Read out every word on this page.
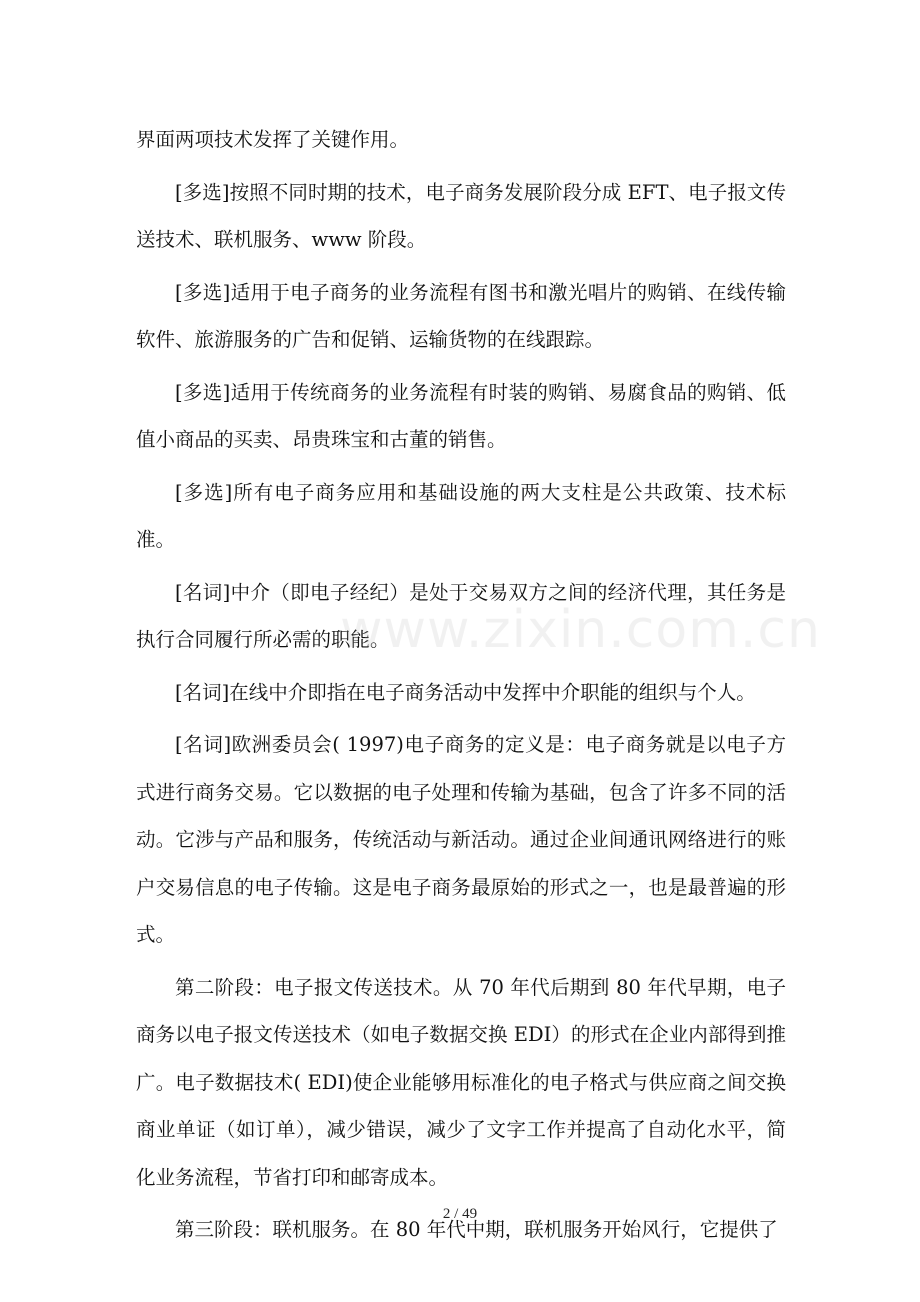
界面两项技术发挥了关键作用。

[多选]按照不同时期的技术，电子商务发展阶段分成 EFT、电子报文传送技术、联机服务、www 阶段。

[多选]适用于电子商务的业务流程有图书和激光唱片的购销、在线传输软件、旅游服务的广告和促销、运输货物的在线跟踪。

[多选]适用于传统商务的业务流程有时装的购销、易腐食品的购销、低值小商品的买卖、昂贵珠宝和古董的销售。

[多选]所有电子商务应用和基础设施的两大支柱是公共政策、技术标准。

[名词]中介（即电子经纪）是处于交易双方之间的经济代理，其任务是执行合同履行所必需的职能。

[名词]在线中介即指在电子商务活动中发挥中介职能的组织与个人。

[名词]欧洲委员会( 1997)电子商务的定义是：电子商务就是以电子方式进行商务交易。它以数据的电子处理和传输为基础，包含了许多不同的活动。它涉与产品和服务，传统活动与新活动。通过企业间通讯网络进行的账户交易信息的电子传输。这是电子商务最原始的形式之一，也是最普遍的形式。

第二阶段：电子报文传送技术。从 70 年代后期到 80 年代早期，电子商务以电子报文传送技术（如电子数据交换 EDI）的形式在企业内部得到推广。电子数据技术( EDI)使企业能够用标准化的电子格式与供应商之间交换商业单证（如订单），减少错误，减少了文字工作并提高了自动化水平，简化业务流程，节省打印和邮寄成本。

第三阶段：联机服务。在 80 年代中期，联机服务开始风行，它提供了

www.zixin.com.cn
2 / 49
